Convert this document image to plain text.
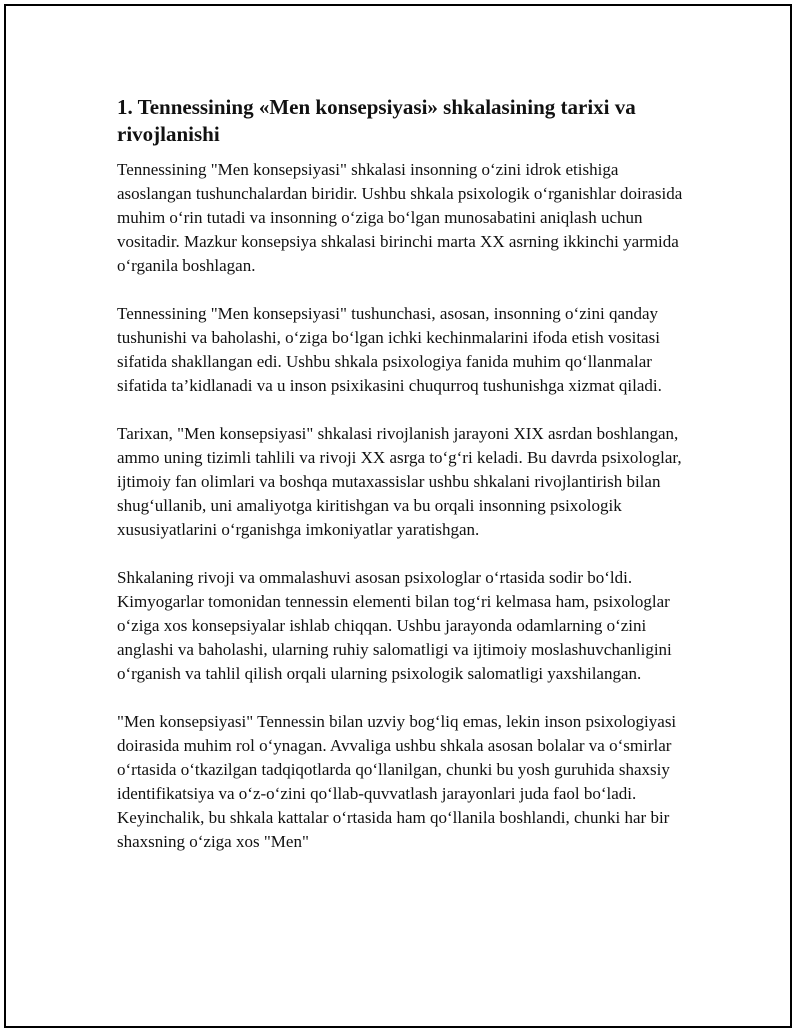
1. Tennessining «Men konsepsiyasi» shkalasining tarixi va rivojlanishi

Tennessining "Men konsepsiyasi" shkalasi insonning o‘zini idrok etishiga asoslangan tushunchalardan biridir. Ushbu shkala psixologik o‘rganishlar doirasida muhim o‘rin tutadi va insonning o‘ziga bo‘lgan munosabatini aniqlash uchun vositadir. Mazkur konsepsiya shkalasi birinchi marta XX asrning ikkinchi yarmida o‘rganila boshlagan.

Tennessining "Men konsepsiyasi" tushunchasi, asosan, insonning o‘zini qanday tushunishi va baholashi, o‘ziga bo‘lgan ichki kechinmalarini ifoda etish vositasi sifatida shakllangan edi. Ushbu shkala psixologiya fanida muhim qo‘llanmalar sifatida ta’kidlanadi va u inson psixikasini chuqurroq tushunishga xizmat qiladi.

Tarixan, "Men konsepsiyasi" shkalasi rivojlanish jarayoni XIX asrdan boshlangan, ammo uning tizimli tahlili va rivoji XX asrga to‘g‘ri keladi. Bu davrda psixologlar, ijtimoiy fan olimlari va boshqa mutaxassislar ushbu shkalani rivojlantirish bilan shug‘ullanib, uni amaliyotga kiritishgan va bu orqali insonning psixologik xususiyatlarini o‘rganishga imkoniyatlar yaratishgan.

Shkalaning rivoji va ommalashuvi asosan psixologlar o‘rtasida sodir bo‘ldi. Kimyogarlar tomonidan tennessin elementi bilan tog‘ri kelmasa ham, psixologlar o‘ziga xos konsepsiyalar ishlab chiqqan. Ushbu jarayonda odamlarning o‘zini anglashi va baholashi, ularning ruhiy salomatligi va ijtimoiy moslashuvchanligini o‘rganish va tahlil qilish orqali ularning psixologik salomatligi yaxshilangan.

"Men konsepsiyasi" Tennessin bilan uzviy bog‘liq emas, lekin inson psixologiyasi doirasida muhim rol o‘ynagan. Avvaliga ushbu shkala asosan bolalar va o‘smirlar o‘rtasida o‘tkazilgan tadqiqotlarda qo‘llanilgan, chunki bu yosh guruhida shaxsiy identifikatsiya va o‘z-o‘zini qo‘llab-quvvatlash jarayonlari juda faol bo‘ladi. Keyinchalik, bu shkala kattalar o‘rtasida ham qo‘llanila boshlandi, chunki har bir shaxsning o‘ziga xos "Men"
